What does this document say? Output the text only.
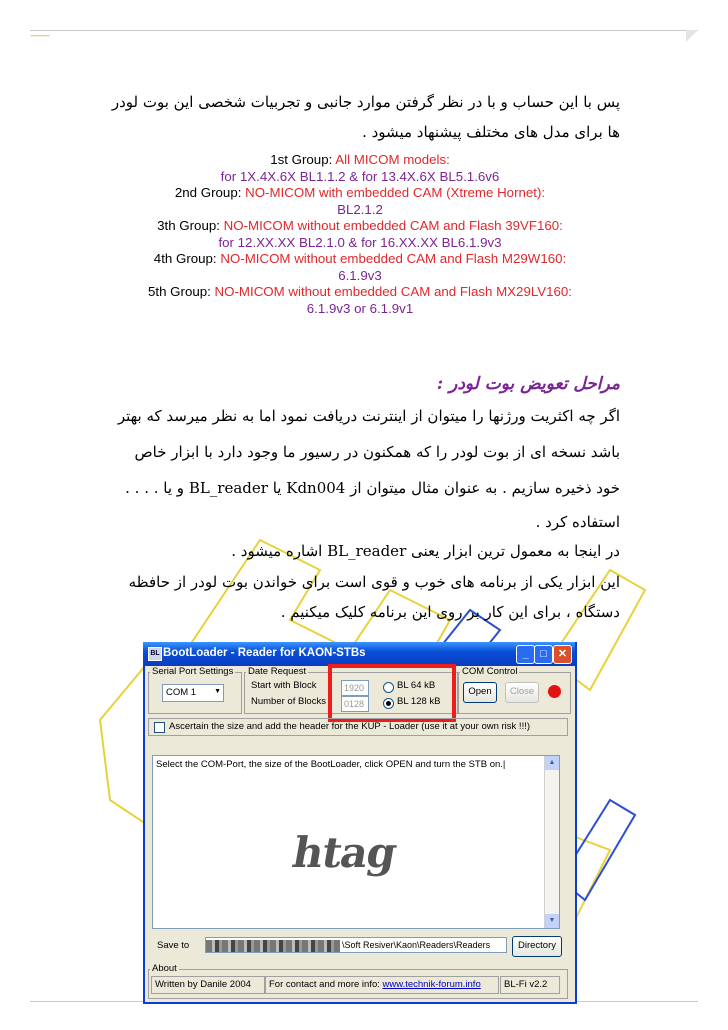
⸺
پس با این حساب و با در نظر گرفتن موارد جانبی و تجربیات شخصی این بوت لودر
ها برای مدل های مختلف پیشنهاد میشود .
1st Group: All MICOM models:
for 1X.4X.6X BL1.1.2 & for 13.4X.6X BL5.1.6v6
2nd Group: NO-MICOM with embedded CAM (Xtreme Hornet):
BL2.1.2
3th Group: NO-MICOM without embedded CAM and Flash 39VF160:
for 12.XX.XX BL2.1.0 & for 16.XX.XX BL6.1.9v3
4th Group: NO-MICOM without embedded CAM and Flash M29W160:
6.1.9v3
5th Group: NO-MICOM without embedded CAM and Flash MX29LV160:
6.1.9v3 or 6.1.9v1
مراحل تعویض بوت لودر :
اگر چه اکثریت ورژنها را میتوان از اینترنت دریافت نمود اما به نظر میرسد که بهتر
باشد نسخه ای از بوت لودر را که همکنون در رسیور ما وجود دارد با ابزار خاص
خود ذخیره سازیم . به عنوان مثال میتوان از Kdn004 یا BL_reader و یا . . . .
استفاده کرد .
در اینجا به معمول ترین ابزار یعنی BL_reader اشاره میشود .
این ابزار یکی از برنامه های خوب و قوی است برای خواندن بوت لودر از حافظه
دستگاه ، برای این کار بر روی این برنامه کلیک میکنیم .
BL BootLoader - Reader for KAON-STBs	_	□	✕
Serial Port Settings
COM 1	▼
Date Request
Start with Block
Number of Blocks
1920
0128
BL 64 kB
BL 128 kB
COM Control
Open	Close
Ascertain the size and add the header for the KUP - Loader (use it at your own risk !!!)
Select the COM-Port, the size of the BootLoader, click OPEN and turn the STB on.|
htag
▲
▼
Save to	\Soft Resiver\Kaon\Readers\Readers	Directory
About
Written by Danile 2004	For contact and more info: www.technik-forum.info	BL-Fi v2.2
